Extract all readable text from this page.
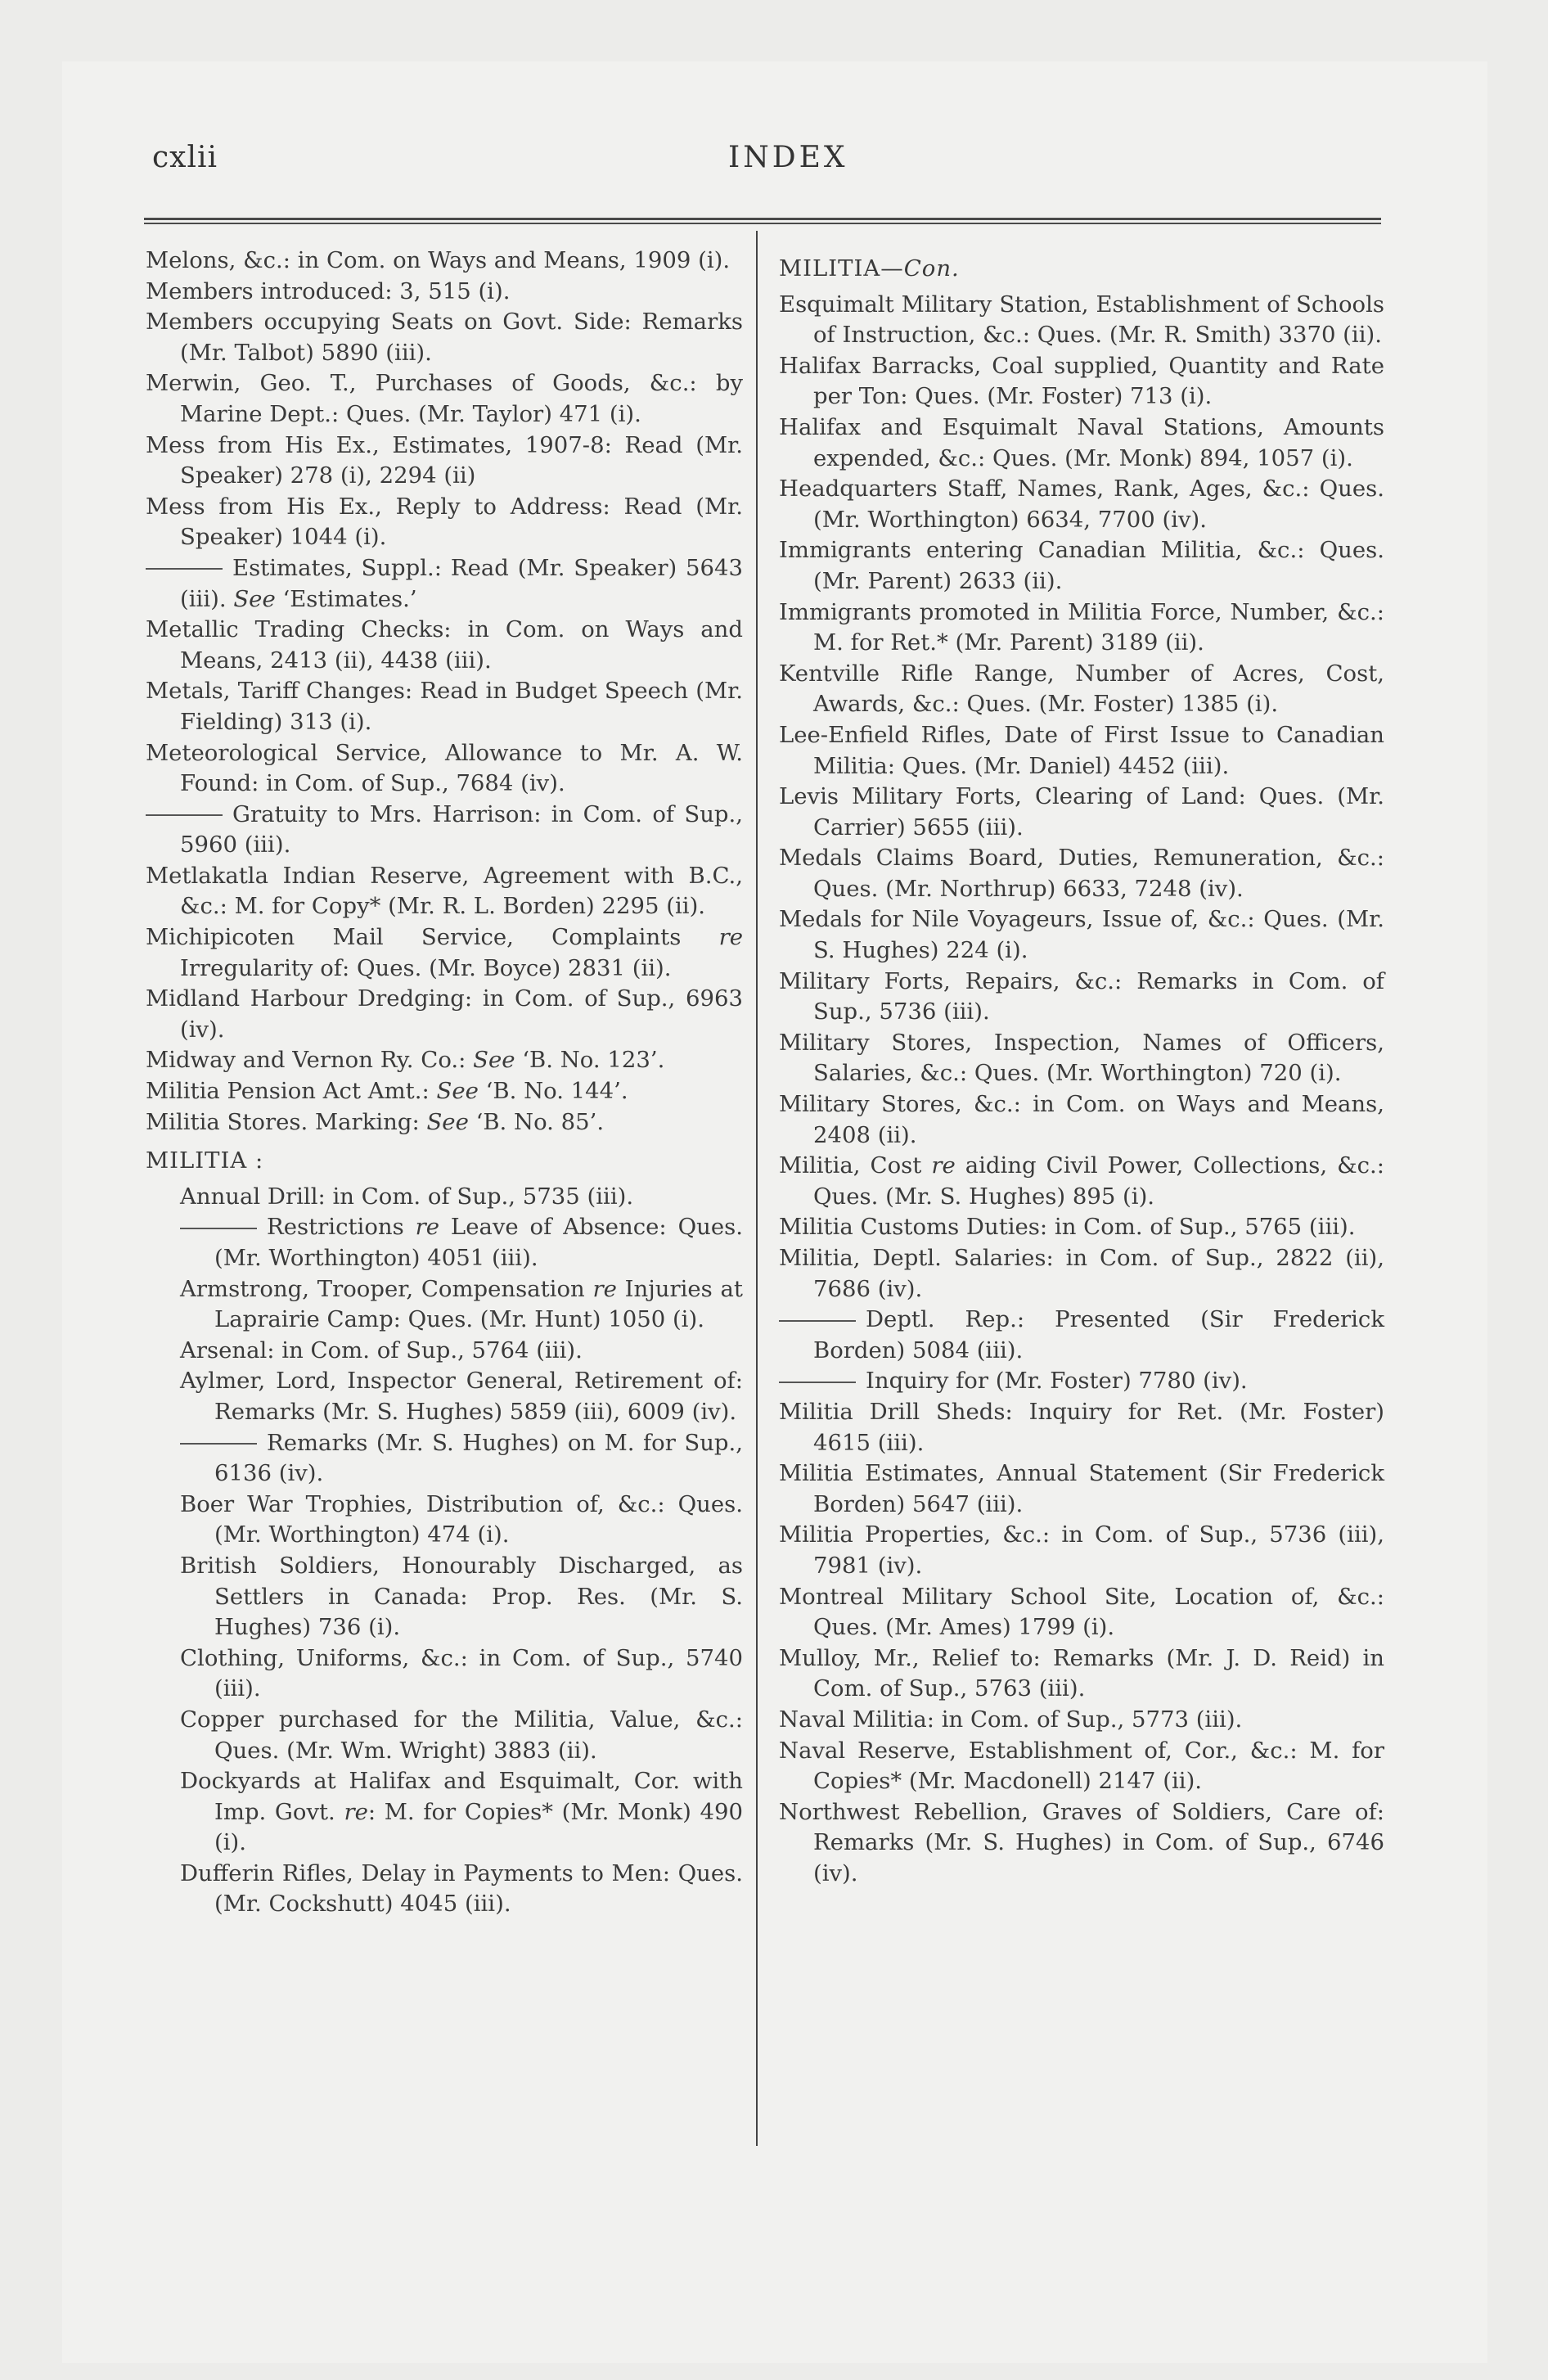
cxlii	INDEX

Melons, &c.: in Com. on Ways and Means, 1909 (i).

Members introduced: 3, 515 (i).

Members occupying Seats on Govt. Side: Remarks (Mr. Talbot) 5890 (iii).

Merwin, Geo. T., Purchases of Goods, &c.: by Marine Dept.: Ques. (Mr. Taylor) 471 (i).

Mess from His Ex., Estimates, 1907-8: Read (Mr. Speaker) 278 (i), 2294 (ii)

Mess from His Ex., Reply to Address: Read (Mr. Speaker) 1044 (i).

Estimates, Suppl.: Read (Mr. Speaker) 5643 (iii). See ‘Estimates.’

Metallic Trading Checks: in Com. on Ways and Means, 2413 (ii), 4438 (iii).

Metals, Tariff Changes: Read in Budget Speech (Mr. Fielding) 313 (i).

Meteorological Service, Allowance to Mr. A. W. Found: in Com. of Sup., 7684 (iv).

Gratuity to Mrs. Harrison: in Com. of Sup., 5960 (iii).

Metlakatla Indian Reserve, Agreement with B.C., &c.: M. for Copy* (Mr. R. L. Borden) 2295 (ii).

Michipicoten Mail Service, Complaints re Irregularity of: Ques. (Mr. Boyce) 2831 (ii).

Midland Harbour Dredging: in Com. of Sup., 6963 (iv).

Midway and Vernon Ry. Co.: See ‘B. No. 123’.

Militia Pension Act Amt.: See ‘B. No. 144’.

Militia Stores. Marking: See ‘B. No. 85’.

MILITIA :

Annual Drill: in Com. of Sup., 5735 (iii).

Restrictions re Leave of Absence: Ques. (Mr. Worthington) 4051 (iii).

Armstrong, Trooper, Compensation re Injuries at Laprairie Camp: Ques. (Mr. Hunt) 1050 (i).

Arsenal: in Com. of Sup., 5764 (iii).

Aylmer, Lord, Inspector General, Retirement of: Remarks (Mr. S. Hughes) 5859 (iii), 6009 (iv).

Remarks (Mr. S. Hughes) on M. for Sup., 6136 (iv).

Boer War Trophies, Distribution of, &c.: Ques. (Mr. Worthington) 474 (i).

British Soldiers, Honourably Discharged, as Settlers in Canada: Prop. Res. (Mr. S. Hughes) 736 (i).

Clothing, Uniforms, &c.: in Com. of Sup., 5740 (iii).

Copper purchased for the Militia, Value, &c.: Ques. (Mr. Wm. Wright) 3883 (ii).

Dockyards at Halifax and Esquimalt, Cor. with Imp. Govt. re: M. for Copies* (Mr. Monk) 490 (i).

Dufferin Rifles, Delay in Payments to Men: Ques. (Mr. Cockshutt) 4045 (iii).

MILITIA—Con.

Esquimalt Military Station, Establishment of Schools of Instruction, &c.: Ques. (Mr. R. Smith) 3370 (ii).

Halifax Barracks, Coal supplied, Quantity and Rate per Ton: Ques. (Mr. Foster) 713 (i).

Halifax and Esquimalt Naval Stations, Amounts expended, &c.: Ques. (Mr. Monk) 894, 1057 (i).

Headquarters Staff, Names, Rank, Ages, &c.: Ques. (Mr. Worthington) 6634, 7700 (iv).

Immigrants entering Canadian Militia, &c.: Ques. (Mr. Parent) 2633 (ii).

Immigrants promoted in Militia Force, Number, &c.: M. for Ret.* (Mr. Parent) 3189 (ii).

Kentville Rifle Range, Number of Acres, Cost, Awards, &c.: Ques. (Mr. Foster) 1385 (i).

Lee-Enfield Rifles, Date of First Issue to Canadian Militia: Ques. (Mr. Daniel) 4452 (iii).

Levis Military Forts, Clearing of Land: Ques. (Mr. Carrier) 5655 (iii).

Medals Claims Board, Duties, Remuneration, &c.: Ques. (Mr. Northrup) 6633, 7248 (iv).

Medals for Nile Voyageurs, Issue of, &c.: Ques. (Mr. S. Hughes) 224 (i).

Military Forts, Repairs, &c.: Remarks in Com. of Sup., 5736 (iii).

Military Stores, Inspection, Names of Officers, Salaries, &c.: Ques. (Mr. Worthington) 720 (i).

Military Stores, &c.: in Com. on Ways and Means, 2408 (ii).

Militia, Cost re aiding Civil Power, Collections, &c.: Ques. (Mr. S. Hughes) 895 (i).

Militia Customs Duties: in Com. of Sup., 5765 (iii).

Militia, Deptl. Salaries: in Com. of Sup., 2822 (ii), 7686 (iv).

Deptl. Rep.: Presented (Sir Frederick Borden) 5084 (iii).

Inquiry for (Mr. Foster) 7780 (iv).

Militia Drill Sheds: Inquiry for Ret. (Mr. Foster) 4615 (iii).

Militia Estimates, Annual Statement (Sir Frederick Borden) 5647 (iii).

Militia Properties, &c.: in Com. of Sup., 5736 (iii), 7981 (iv).

Montreal Military School Site, Location of, &c.: Ques. (Mr. Ames) 1799 (i).

Mulloy, Mr., Relief to: Remarks (Mr. J. D. Reid) in Com. of Sup., 5763 (iii).

Naval Militia: in Com. of Sup., 5773 (iii).

Naval Reserve, Establishment of, Cor., &c.: M. for Copies* (Mr. Macdonell) 2147 (ii).

Northwest Rebellion, Graves of Soldiers, Care of: Remarks (Mr. S. Hughes) in Com. of Sup., 6746 (iv).
